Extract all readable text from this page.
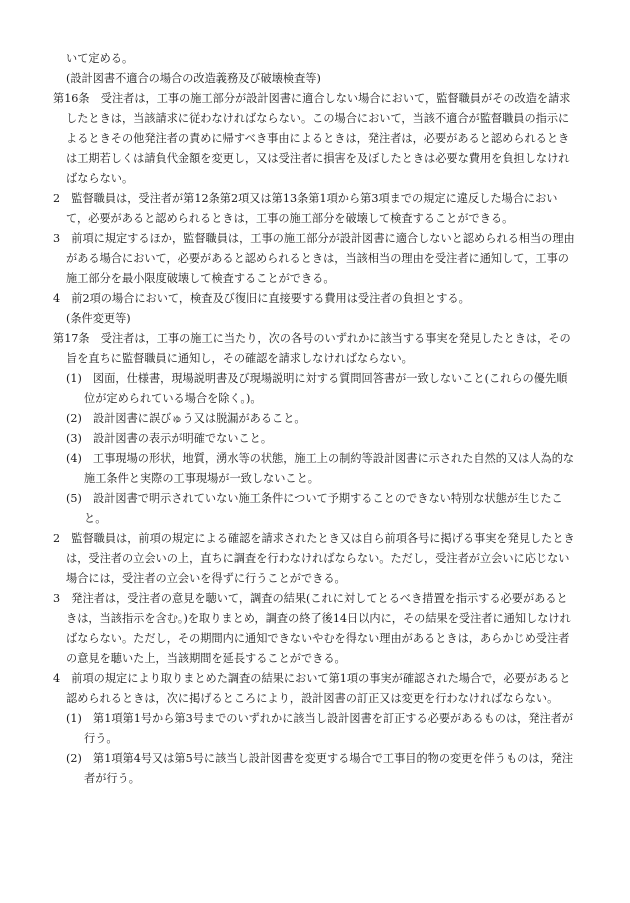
いて定める。

(設計図書不適合の場合の改造義務及び破壊検査等)

第16条　受注者は，工事の施工部分が設計図書に適合しない場合において，監督職員がその改造を請求したときは，当該請求に従わなければならない。この場合において，当該不適合が監督職員の指示によるときその他発注者の責めに帰すべき事由によるときは，発注者は，必要があると認められるときは工期若しくは請負代金額を変更し，又は受注者に損害を及ぼしたときは必要な費用を負担しなければならない。

2　監督職員は，受注者が第12条第2項又は第13条第1項から第3項までの規定に違反した場合において，必要があると認められるときは，工事の施工部分を破壊して検査することができる。

3　前項に規定するほか，監督職員は，工事の施工部分が設計図書に適合しないと認められる相当の理由がある場合において，必要があると認められるときは，当該相当の理由を受注者に通知して，工事の施工部分を最小限度破壊して検査することができる。

4　前2項の場合において，検査及び復旧に直接要する費用は受注者の負担とする。

(条件変更等)

第17条　受注者は，工事の施工に当たり，次の各号のいずれかに該当する事実を発見したときは，その旨を直ちに監督職員に通知し，その確認を請求しなければならない。

(1)　図面，仕様書，現場説明書及び現場説明に対する質問回答書が一致しないこと(これらの優先順位が定められている場合を除く。)。

(2)　設計図書に誤びゅう又は脱漏があること。

(3)　設計図書の表示が明確でないこと。

(4)　工事現場の形状，地質，湧水等の状態，施工上の制約等設計図書に示された自然的又は人為的な施工条件と実際の工事現場が一致しないこと。

(5)　設計図書で明示されていない施工条件について予期することのできない特別な状態が生じたこと。

2　監督職員は，前項の規定による確認を請求されたとき又は自ら前項各号に掲げる事実を発見したときは，受注者の立会いの上，直ちに調査を行わなければならない。ただし，受注者が立会いに応じない場合には，受注者の立会いを得ずに行うことができる。

3　発注者は，受注者の意見を聴いて，調査の結果(これに対してとるべき措置を指示する必要があるときは，当該指示を含む。)を取りまとめ，調査の終了後14日以内に，その結果を受注者に通知しなければならない。ただし，その期間内に通知できないやむを得ない理由があるときは，あらかじめ受注者の意見を聴いた上，当該期間を延長することができる。

4　前項の規定により取りまとめた調査の結果において第1項の事実が確認された場合で，必要があると認められるときは，次に掲げるところにより，設計図書の訂正又は変更を行わなければならない。

(1)　第1項第1号から第3号までのいずれかに該当し設計図書を訂正する必要があるものは，発注者が行う。

(2)　第1項第4号又は第5号に該当し設計図書を変更する場合で工事目的物の変更を伴うものは，発注者が行う。
